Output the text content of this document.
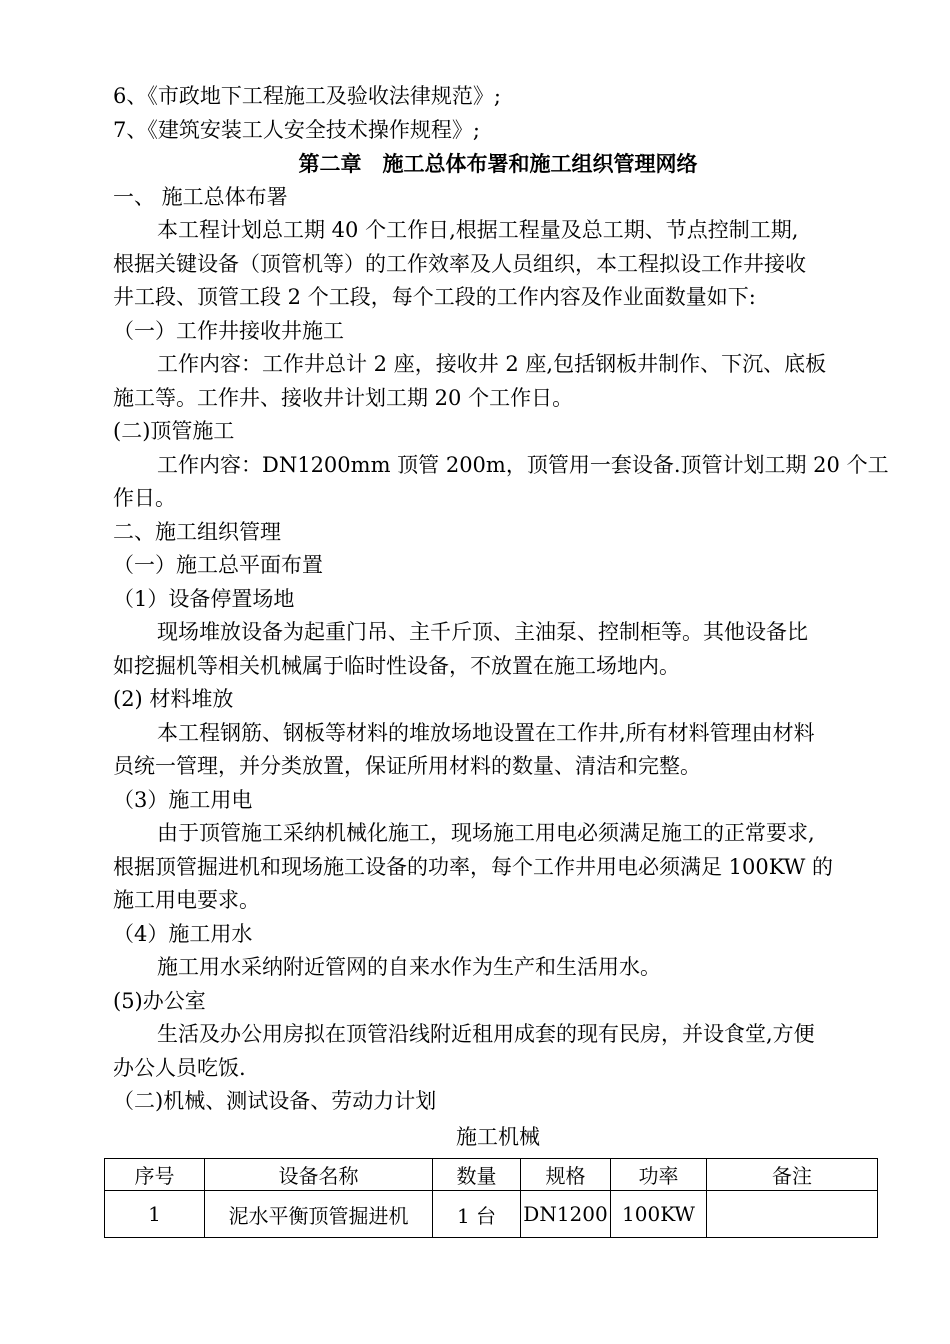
6、《市政地下工程施工及验收法律规范》;
7、《建筑安装工人安全技术操作规程》;
第二章　施工总体布署和施工组织管理网络
一、 施工总体布署
本工程计划总工期 40 个工作日,根据工程量及总工期、节点控制工期,
根据关键设备（顶管机等）的工作效率及人员组织，本工程拟设工作井接收
井工段、顶管工段 2 个工段，每个工段的工作内容及作业面数量如下:
（一）工作井接收井施工
工作内容：工作井总计 2 座，接收井 2 座,包括钢板井制作、下沉、底板
施工等。工作井、接收井计划工期 20 个工作日。
(二)顶管施工
工作内容：DN1200mm 顶管 200m，顶管用一套设备.顶管计划工期 20 个工
作日。
二、施工组织管理
（一）施工总平面布置
（1）设备停置场地
现场堆放设备为起重门吊、主千斤顶、主油泵、控制柜等。其他设备比
如挖掘机等相关机械属于临时性设备，不放置在施工场地内。
(2) 材料堆放
本工程钢筋、钢板等材料的堆放场地设置在工作井,所有材料管理由材料
员统一管理，并分类放置，保证所用材料的数量、清洁和完整。
（3）施工用电
由于顶管施工采纳机械化施工，现场施工用电必须满足施工的正常要求,
根据顶管掘进机和现场施工设备的功率，每个工作井用电必须满足 100KW 的
施工用电要求。
（4）施工用水
施工用水采纳附近管网的自来水作为生产和生活用水。
(5)办公室
生活及办公用房拟在顶管沿线附近租用成套的现有民房，并设食堂,方便
办公人员吃饭.
（二)机械、测试设备、劳动力计划
施工机械
序号	设备名称	数量	规格	功率	备注
1	泥水平衡顶管掘进机	1 台	DN1200	100KW	
